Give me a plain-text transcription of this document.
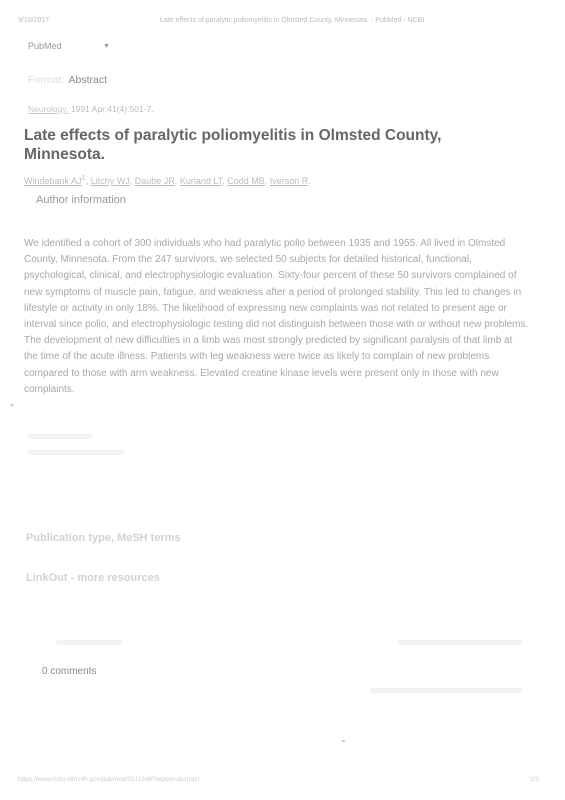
9/10/2017	Late effects of paralytic poliomyelitis in Olmsted County, Minnesota. - PubMed - NCBI
PubMed	▼
Format: Abstract
Neurology. 1991 Apr;41(4):501-7.
Late effects of paralytic poliomyelitis in Olmsted County, Minnesota.
Windebank $AJ^1$, Litchy WJ, Daube JR, Kurland LT, Codd MB, Iverson R.
Author information

We identified a cohort of 300 individuals who had paralytic polio between 1935 and 1955. All lived in Olmsted County, Minnesota. From the 247 survivors, we selected 50 subjects for detailed historical, functional, psychological, clinical, and electrophysiologic evaluation. Sixty-four percent of these 50 survivors complained of new symptoms of muscle pain, fatigue, and weakness after a period of prolonged stability. This led to changes in lifestyle or activity in only 18%. The likelihood of expressing new complaints was not related to present age or interval since polio, and electrophysiologic testing did not distinguish between those with or without new problems. The development of new difficulties in a limb was most strongly predicted by significant paralysis of that limb at the time of the acute illness. Patients with leg weakness were twice as likely to complain of new problems compared to those with arm weakness. Elevated creatine kinase levels were present only in those with new complaints.

●
Publication type, MeSH terms
LinkOut - more resources
0 comments
https://www.ncbi.nlm.nih.gov/pubmed/2011248?report=abstract	1/3
